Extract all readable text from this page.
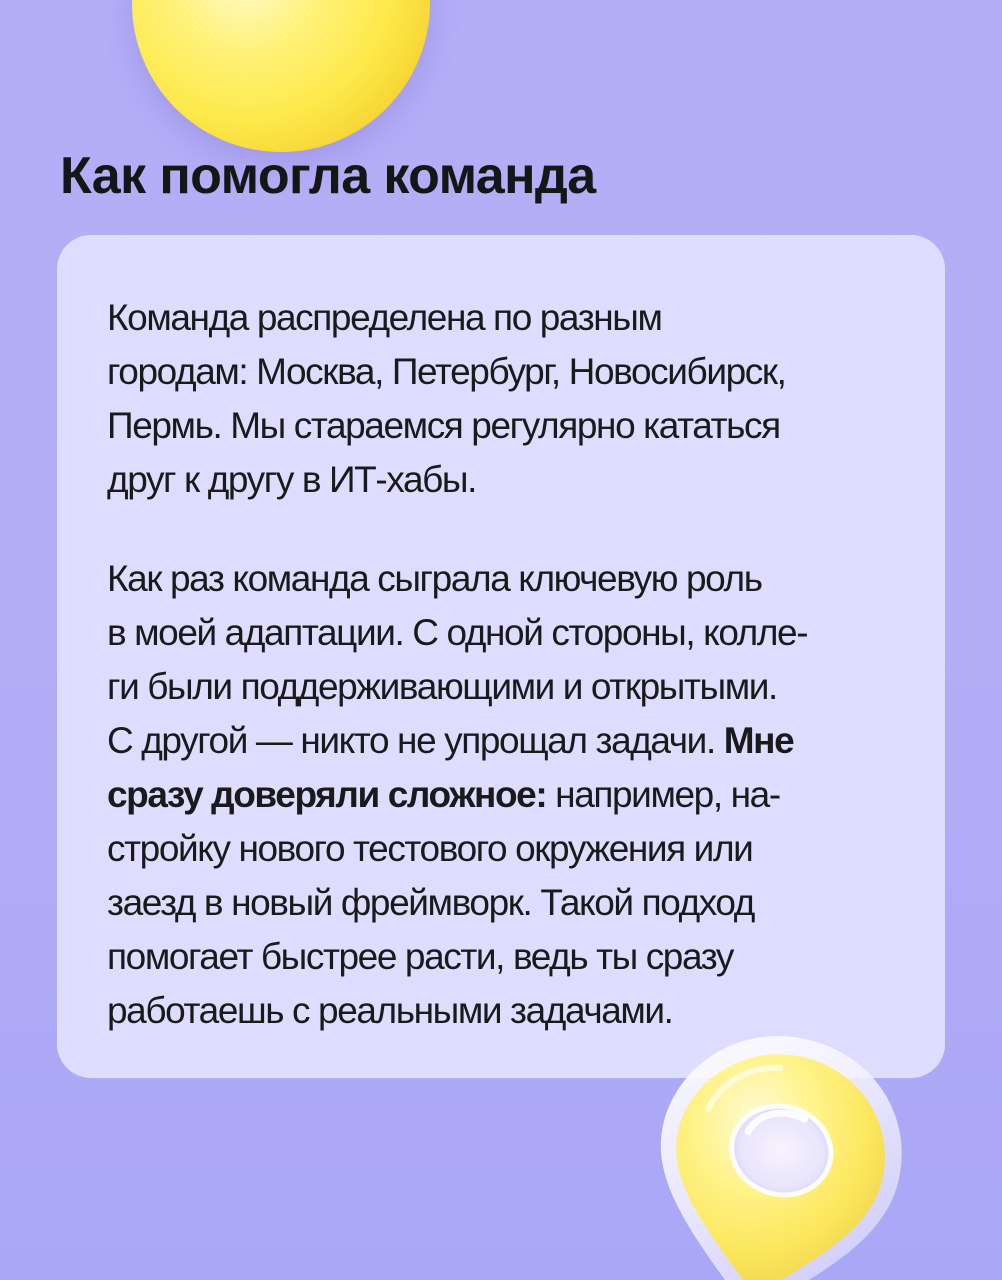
Как помогла команда

Команда распределена по разным
городам: Москва, Петербург, Новосибирск,
Пермь. Мы стараемся регулярно кататься
друг к другу в ИТ-хабы.

Как раз команда сыграла ключевую роль
в моей адаптации. С одной стороны, колле-
ги были поддерживающими и открытыми.
С другой — никто не упрощал задачи. Мне
сразу доверяли сложное: например, на-
стройку нового тестового окружения или
заезд в новый фреймворк. Такой подход
помогает быстрее расти, ведь ты сразу
работаешь с реальными задачами.
